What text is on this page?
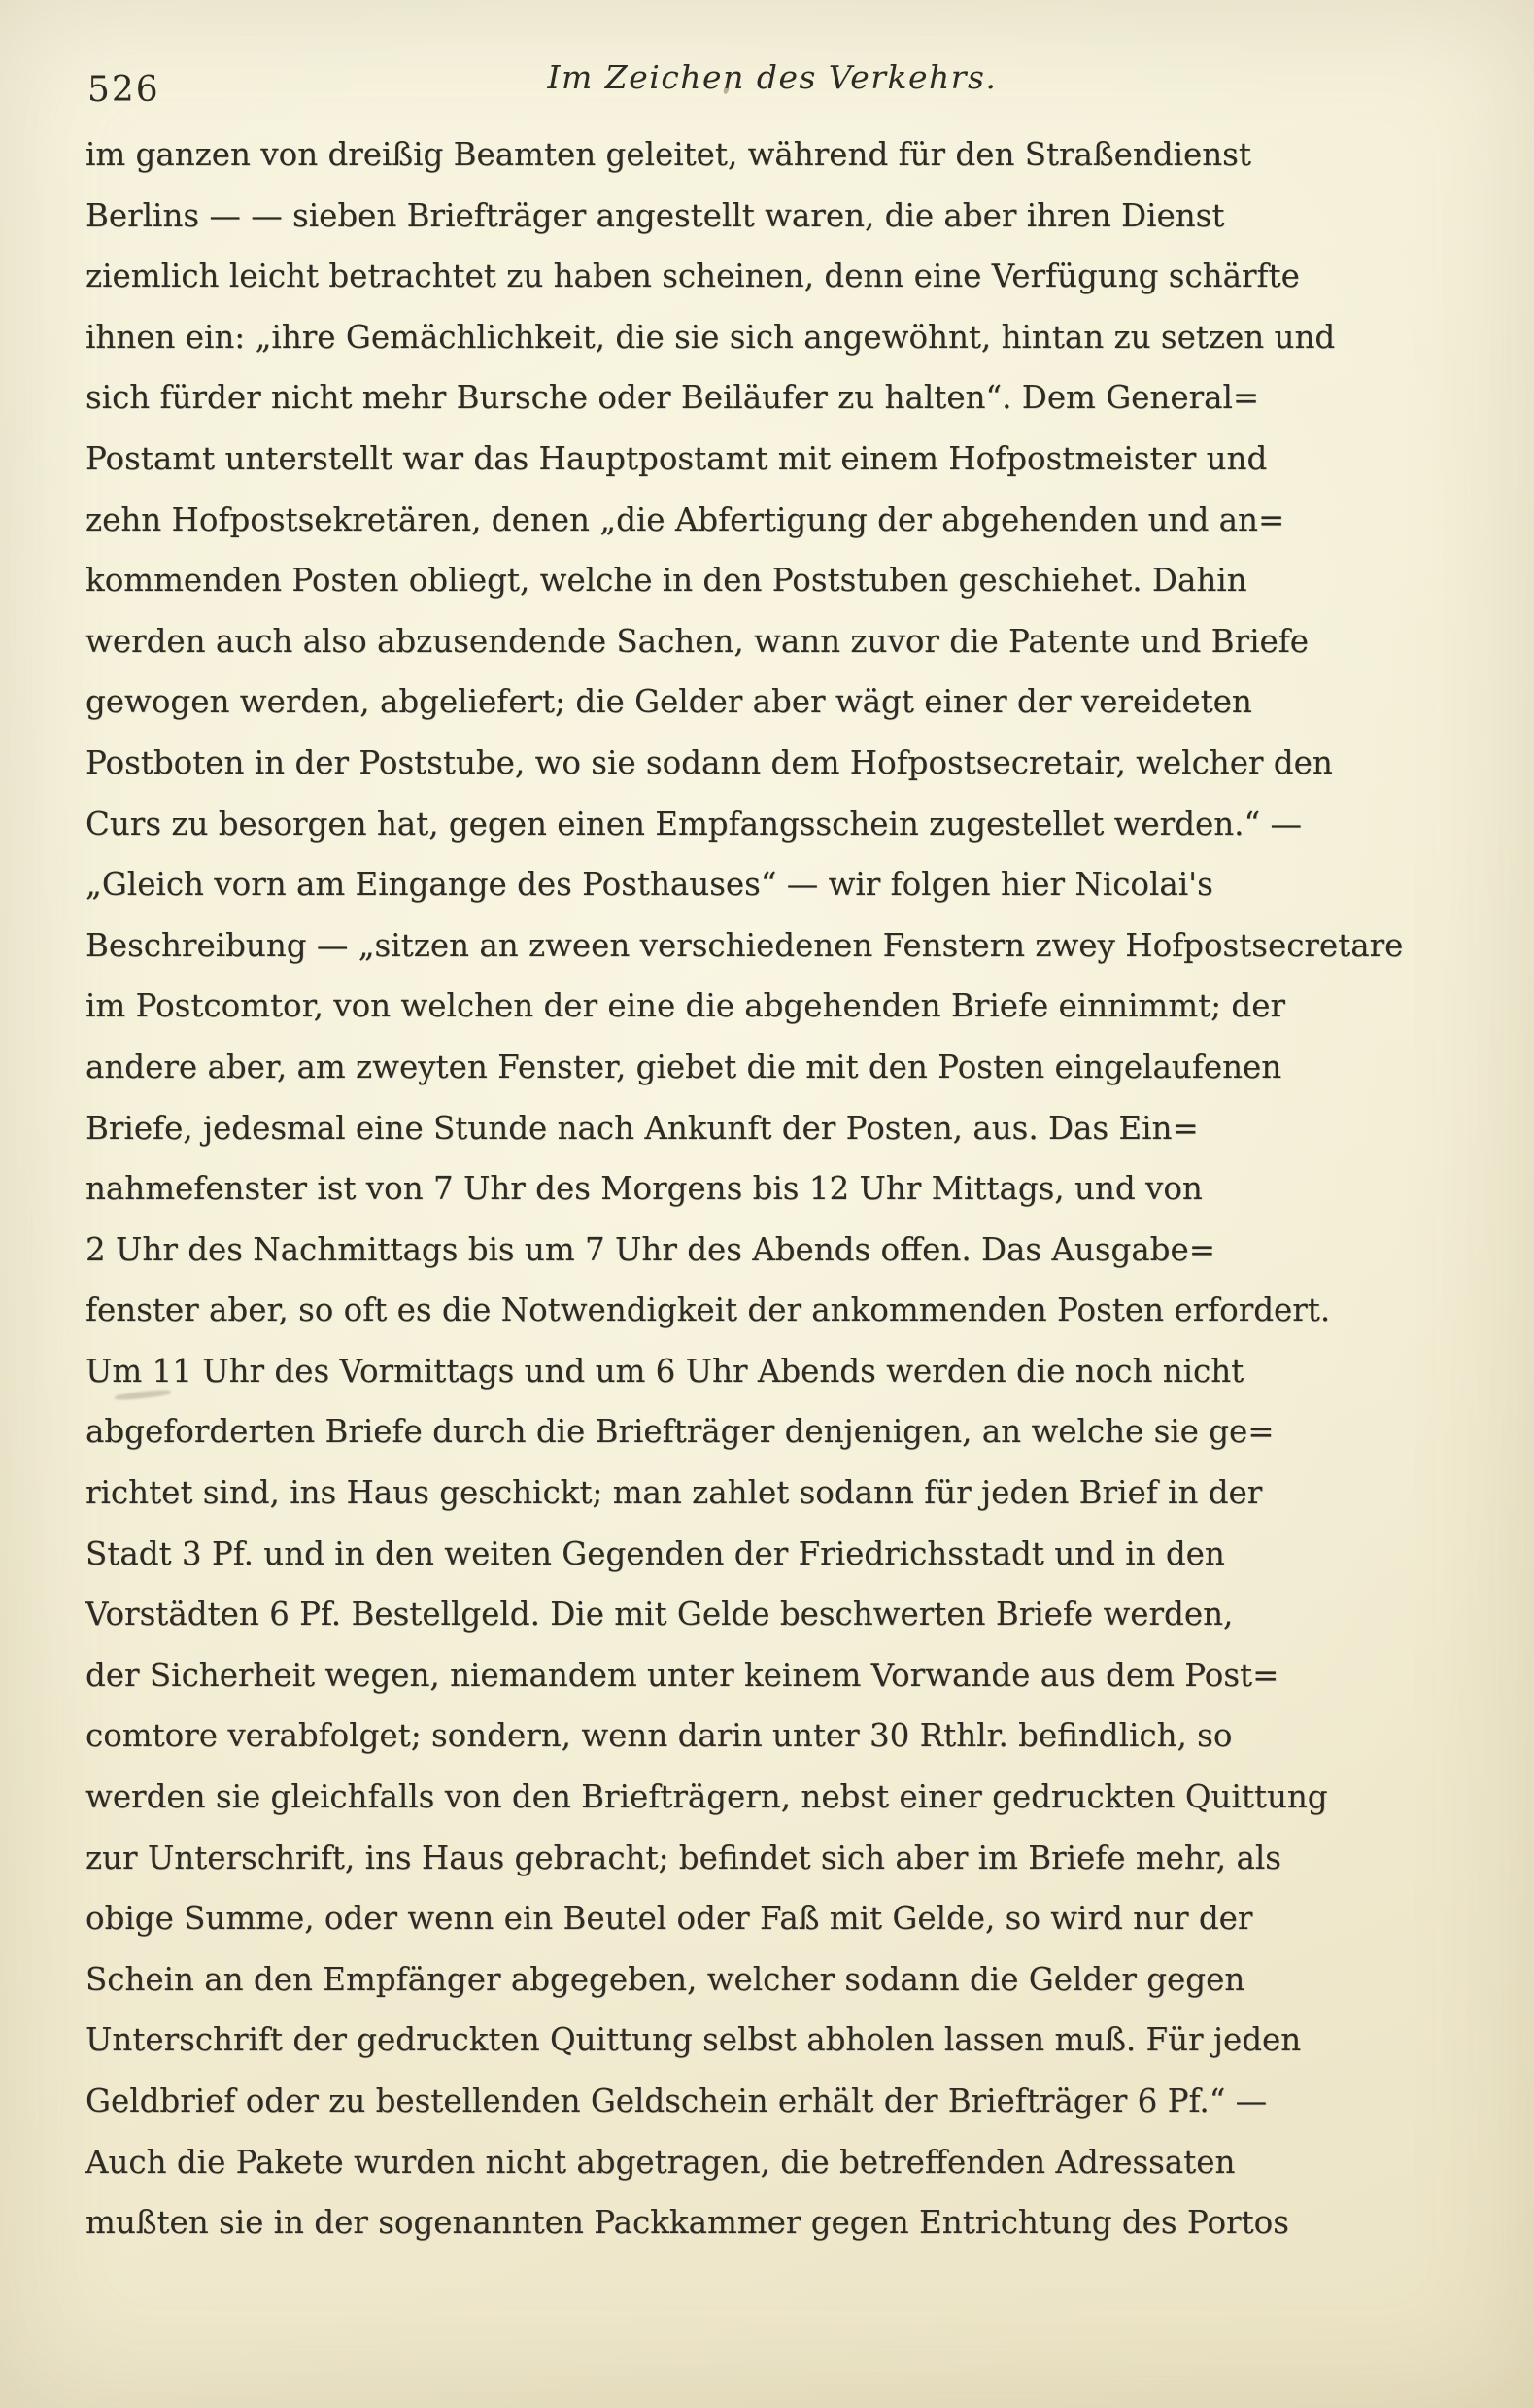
526	Im Zeichen des Verkehrs.
im ganzen von dreißig Beamten geleitet, während für den Straßendienst
Berlins — — sieben Briefträger angestellt waren, die aber ihren Dienst
ziemlich leicht betrachtet zu haben scheinen, denn eine Verfügung schärfte
ihnen ein: „ihre Gemächlichkeit, die sie sich angewöhnt, hintan zu setzen und
sich fürder nicht mehr Bursche oder Beiläufer zu halten“. Dem General=
Postamt unterstellt war das Hauptpostamt mit einem Hofpostmeister und
zehn Hofpostsekretären, denen „die Abfertigung der abgehenden und an=
kommenden Posten obliegt, welche in den Poststuben geschiehet. Dahin
werden auch also abzusendende Sachen, wann zuvor die Patente und Briefe
gewogen werden, abgeliefert; die Gelder aber wägt einer der vereideten
Postboten in der Poststube, wo sie sodann dem Hofpostsecretair, welcher den
Curs zu besorgen hat, gegen einen Empfangsschein zugestellet werden.“ —
„Gleich vorn am Eingange des Posthauses“ — wir folgen hier Nicolai's
Beschreibung — „sitzen an zween verschiedenen Fenstern zwey Hofpostsecretare
im Postcomtor, von welchen der eine die abgehenden Briefe einnimmt; der
andere aber, am zweyten Fenster, giebet die mit den Posten eingelaufenen
Briefe, jedesmal eine Stunde nach Ankunft der Posten, aus. Das Ein=
nahmefenster ist von 7 Uhr des Morgens bis 12 Uhr Mittags, und von
2 Uhr des Nachmittags bis um 7 Uhr des Abends offen. Das Ausgabe=
fenster aber, so oft es die Notwendigkeit der ankommenden Posten erfordert.
Um 11 Uhr des Vormittags und um 6 Uhr Abends werden die noch nicht
abgeforderten Briefe durch die Briefträger denjenigen, an welche sie ge=
richtet sind, ins Haus geschickt; man zahlet sodann für jeden Brief in der
Stadt 3 Pf. und in den weiten Gegenden der Friedrichsstadt und in den
Vorstädten 6 Pf. Bestellgeld. Die mit Gelde beschwerten Briefe werden,
der Sicherheit wegen, niemandem unter keinem Vorwande aus dem Post=
comtore verabfolget; sondern, wenn darin unter 30 Rthlr. befindlich, so
werden sie gleichfalls von den Briefträgern, nebst einer gedruckten Quittung
zur Unterschrift, ins Haus gebracht; befindet sich aber im Briefe mehr, als
obige Summe, oder wenn ein Beutel oder Faß mit Gelde, so wird nur der
Schein an den Empfänger abgegeben, welcher sodann die Gelder gegen
Unterschrift der gedruckten Quittung selbst abholen lassen muß. Für jeden
Geldbrief oder zu bestellenden Geldschein erhält der Briefträger 6 Pf.“ —
Auch die Pakete wurden nicht abgetragen, die betreffenden Adressaten
mußten sie in der sogenannten Packkammer gegen Entrichtung des Portos
